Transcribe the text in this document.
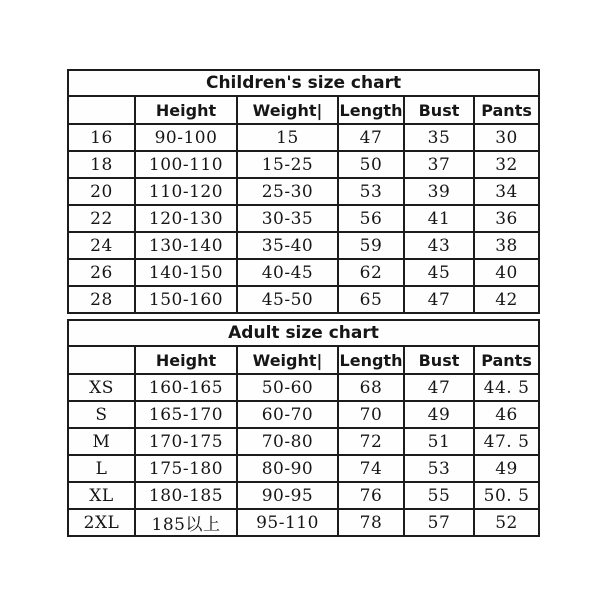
Children's size chart					
	Height	Weight|	Length	Bust	Pants
16	90-100	15	47	35	30
18	100-110	15-25	50	37	32
20	110-120	25-30	53	39	34
22	120-130	30-35	56	41	36
24	130-140	35-40	59	43	38
26	140-150	40-45	62	45	40
28	150-160	45-50	65	47	42
Adult size chart					
	Height	Weight|	Length	Bust	Pants
XS	160-165	50-60	68	47	44. 5
S	165-170	60-70	70	49	46
M	170-175	70-80	72	51	47. 5
L	175-180	80-90	74	53	49
XL	180-185	90-95	76	55	50. 5
2XL	185以上	95-110	78	57	52
